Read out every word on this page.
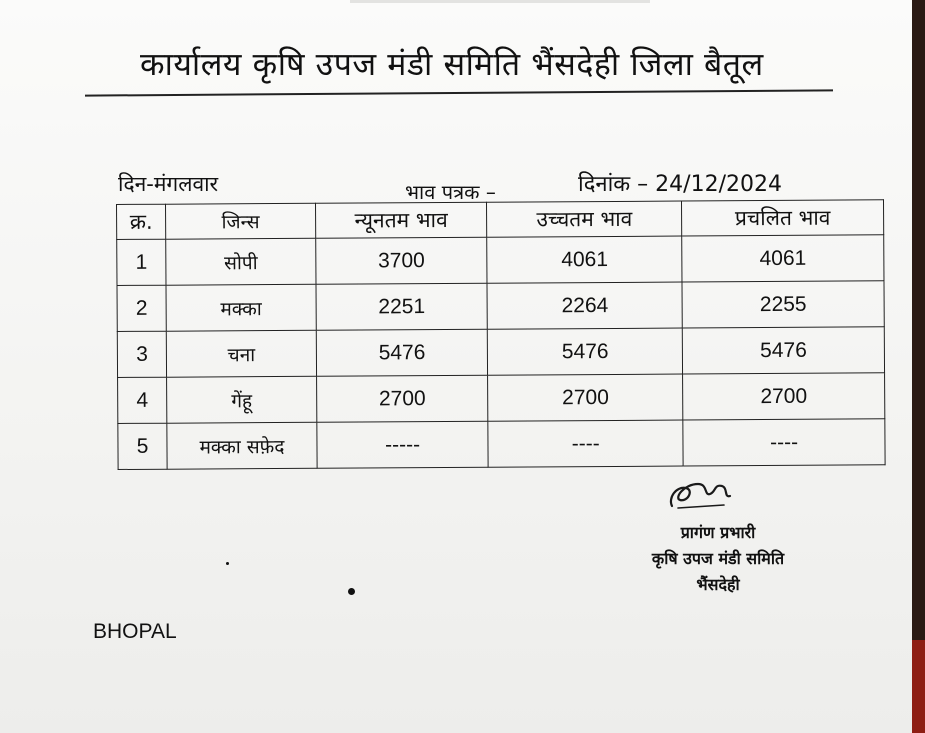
कार्यालय कृषि उपज मंडी समिति भैंसदेही जिला बैतूल
दिन-मंगलवार	भाव पत्रक –	दिनांक – 24/12/2024
क्र.	जिन्स	न्यूनतम भाव	उच्चतम भाव	प्रचलित भाव
1	सोपी	3700	4061	4061
2	मक्का	2251	2264	2255
3	चना	5476	5476	5476
4	गेंहू	2700	2700	2700
5	मक्का सफ़ेद	-----	----	----
प्रागंण प्रभारी
कृषि उपज मंडी समिति
भैंसदेही
BHOPAL
